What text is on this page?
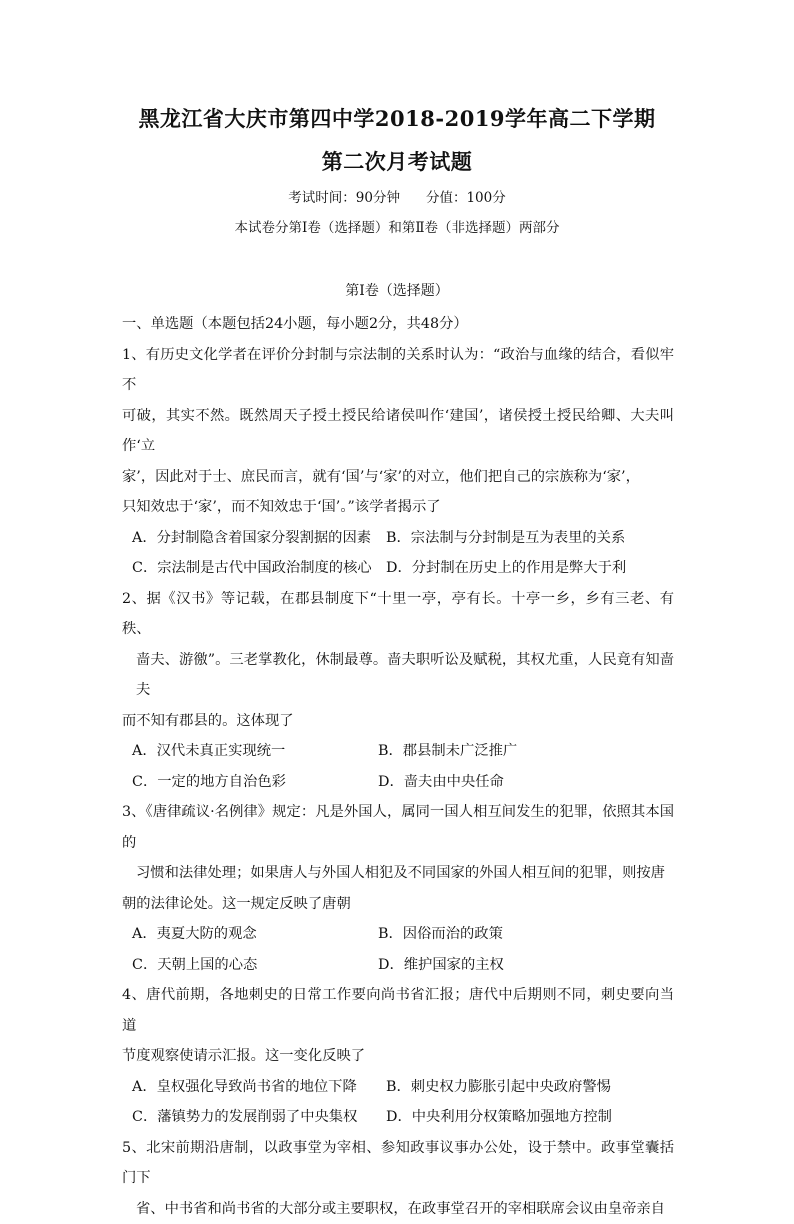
黑龙江省大庆市第四中学2018-2019学年高二下学期
第二次月考试题
考试时间：90分钟 分值：100分
本试卷分第Ⅰ卷（选择题）和第Ⅱ卷（非选择题）两部分
第Ⅰ卷（选择题）

一、单选题（本题包括24小题，每小题2分，共48分）

1、有历史文化学者在评价分封制与宗法制的关系时认为：“政治与血缘的结合，看似牢不

可破，其实不然。既然周天子授土授民给诸侯叫作‘建国’，诸侯授土授民给卿、大夫叫作‘立

家’，因此对于士、庶民而言，就有‘国’与‘家’的对立，他们把自己的宗族称为‘家’，

只知效忠于‘家’，而不知效忠于‘国’。”该学者揭示了

A．分封制隐含着国家分裂割据的因素	B．宗法制与分封制是互为表里的关系
C．宗法制是古代中国政治制度的核心	D．分封制在历史上的作用是弊大于利

2、据《汉书》等记载，在郡县制度下“十里一亭，亭有长。十亭一乡，乡有三老、有秩、

啬夫、游徼”。三老掌教化，休制最尊。啬夫职听讼及赋税，其权尤重，人民竟有知啬夫

而不知有郡县的。这体现了

A．汉代未真正实现统一	B．郡县制未广泛推广
C．一定的地方自治色彩	D．啬夫由中央任命

3、《唐律疏议·名例律》规定：凡是外国人，属同一国人相互间发生的犯罪，依照其本国的

习惯和法律处理；如果唐人与外国人相犯及不同国家的外国人相互间的犯罪，则按唐

朝的法律论处。这一规定反映了唐朝

A．夷夏大防的观念	B．因俗而治的政策
C．天朝上国的心态	D．维护国家的主权

4、唐代前期，各地刺史的日常工作要向尚书省汇报；唐代中后期则不同，刺史要向当道

节度观察使请示汇报。这一变化反映了

A．皇权强化导致尚书省的地位下降	B．刺史权力膨胀引起中央政府警惕
C．藩镇势力的发展削弱了中央集权	D．中央利用分权策略加强地方控制

5、北宋前期沿唐制，以政事堂为宰相、参知政事议事办公处，设于禁中。政事堂囊括门下

省、中书省和尚书省的大部分或主要职权，在政事堂召开的宰相联席会议由皇帝亲自
